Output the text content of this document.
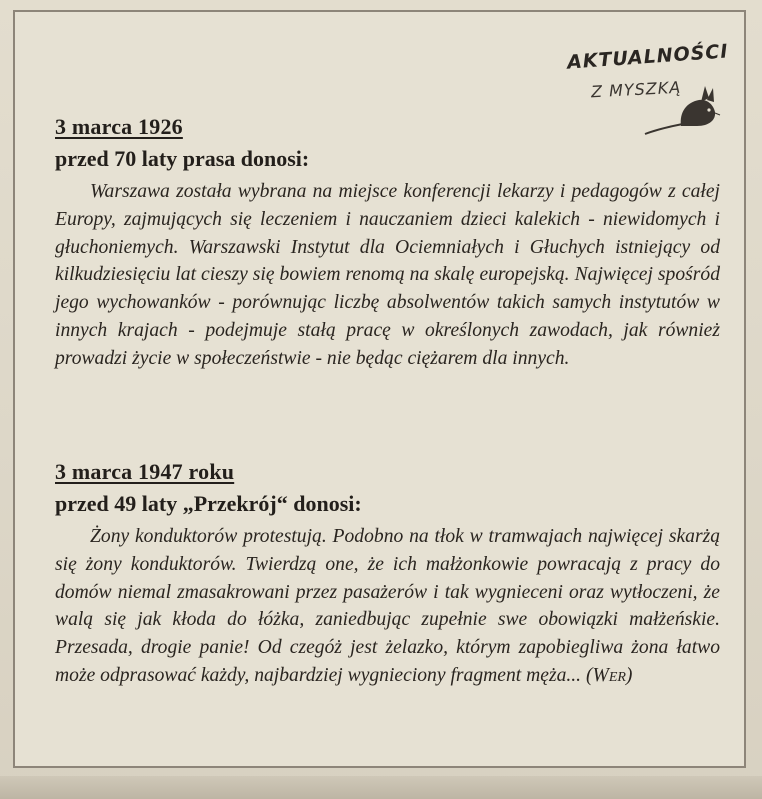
AKTUALNOŚCI
Z MYSZKĄ
3 marca 1926
przed 70 laty prasa donosi:
Warszawa została wybrana na miejsce konferencji lekarzy i pedagogów z całej Europy, zajmujących się leczeniem i nauczaniem dzieci kalekich - niewidomych i głuchoniemych. Warszawski Instytut dla Ociemniałych i Głuchych istniejący od kilkudziesięciu lat cieszy się bowiem renomą na skalę europejską. Najwięcej spośród jego wychowanków - porównując liczbę absolwentów takich samych instytutów w innych krajach - podejmuje stałą pracę w określonych zawodach, jak również prowadzi życie w społeczeństwie - nie będąc ciężarem dla innych.
3 marca 1947 roku
przed 49 laty „Przekrój“ donosi:
Żony konduktorów protestują. Podobno na tłok w tramwajach najwięcej skarżą się żony konduktorów. Twierdzą one, że ich małżonkowie powracają z pracy do domów niemal zmasakrowani przez pasażerów i tak wygnieceni oraz wytłoczeni, że walą się jak kłoda do łóżka, zaniedbując zupełnie swe obowiązki małżeńskie. Przesada, drogie panie! Od czegóż jest żelazko, którym zapobiegliwa żona łatwo może odprasować każdy, najbardziej wygnieciony fragment męża... (Wer)
